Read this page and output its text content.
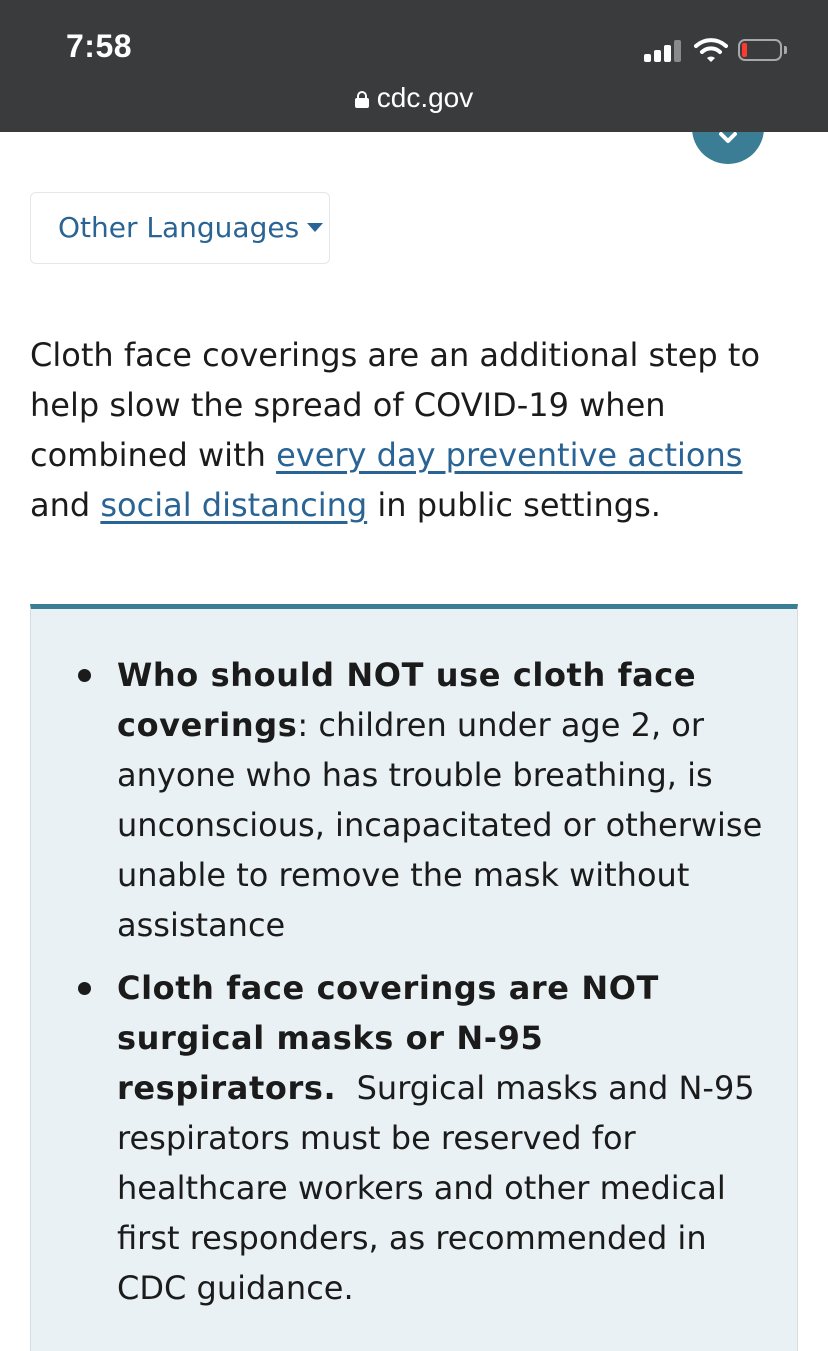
7:58
cdc.gov
Other Languages

Cloth face coverings are an additional step to help slow the spread of COVID-19 when combined with every day preventive actions and social distancing in public settings.

Who should NOT use cloth face coverings: children under age 2, or anyone who has trouble breathing, is unconscious, incapacitated or otherwise unable to remove the mask without assistance
Cloth face coverings are NOT surgical masks or N-95 respirators.  Surgical masks and N-95 respirators must be reserved for healthcare workers and other medical first responders, as recommended in CDC guidance.
